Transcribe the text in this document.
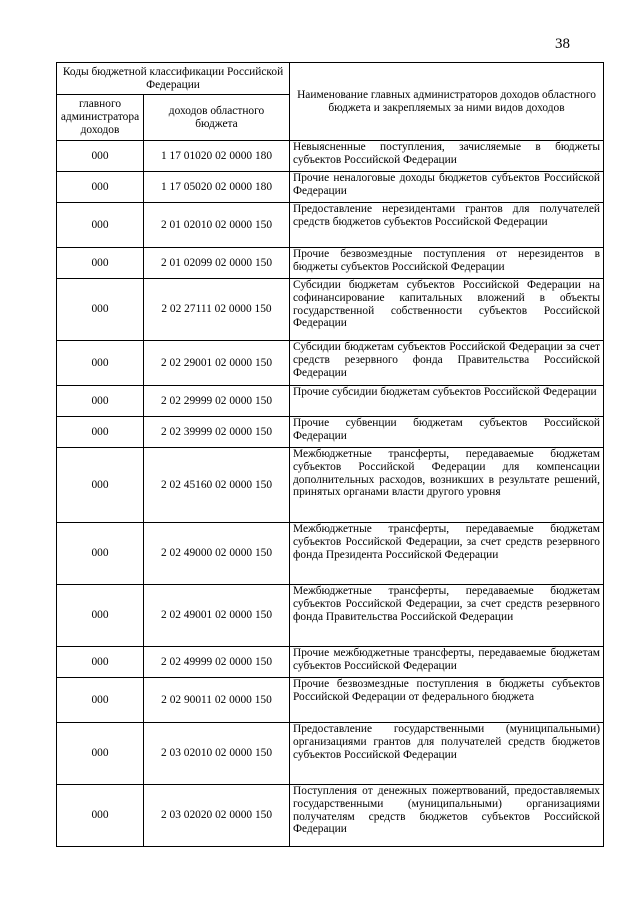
38
Коды бюджетной классификации Российской Федерации		Наименование главных администраторов доходов областного бюджета и закрепляемых за ними видов доходов
главного администратора доходов	доходов областного бюджета	
000	1 17 01020 02 0000 180	Невыясненные поступления, зачисляемые в бюджеты субъектов Российской Федерации
000	1 17 05020 02 0000 180	Прочие неналоговые доходы бюджетов субъектов Российской Федерации
000	2 01 02010 02 0000 150	Предоставление нерезидентами грантов для получателей средств бюджетов субъектов Российской Федерации
000	2 01 02099 02 0000 150	Прочие безвозмездные поступления от нерезидентов в бюджеты субъектов Российской Федерации
000	2 02 27111 02 0000 150	Субсидии бюджетам субъектов Российской Федерации на софинансирование капитальных вложений в объекты государственной собственности субъектов Российской Федерации
000	2 02 29001 02 0000 150	Субсидии бюджетам субъектов Российской Федерации за счет средств резервного фонда Правительства Российской Федерации
000	2 02 29999 02 0000 150	Прочие субсидии бюджетам субъектов Российской Федерации
000	2 02 39999 02 0000 150	Прочие субвенции бюджетам субъектов Российской Федерации
000	2 02 45160 02 0000 150	Межбюджетные трансферты, передаваемые бюджетам субъектов Российской Федерации для компенсации дополнительных расходов, возникших в результате решений, принятых органами власти другого уровня
000	2 02 49000 02 0000 150	Межбюджетные трансферты, передаваемые бюджетам субъектов Российской Федерации, за счет средств резервного фонда Президента Российской Федерации
000	2 02 49001 02 0000 150	Межбюджетные трансферты, передаваемые бюджетам субъектов Российской Федерации, за счет средств резервного фонда Правительства Российской Федерации
000	2 02 49999 02 0000 150	Прочие межбюджетные трансферты, передаваемые бюджетам субъектов Российской Федерации
000	2 02 90011 02 0000 150	Прочие безвозмездные поступления в бюджеты субъектов Российской Федерации от федерального бюджета
000	2 03 02010 02 0000 150	Предоставление государственными (муниципальными) организациями грантов для получателей средств бюджетов субъектов Российской Федерации
000	2 03 02020 02 0000 150	Поступления от денежных пожертвований, предоставляемых государственными (муниципальными) организациями получателям средств бюджетов субъектов Российской Федерации
